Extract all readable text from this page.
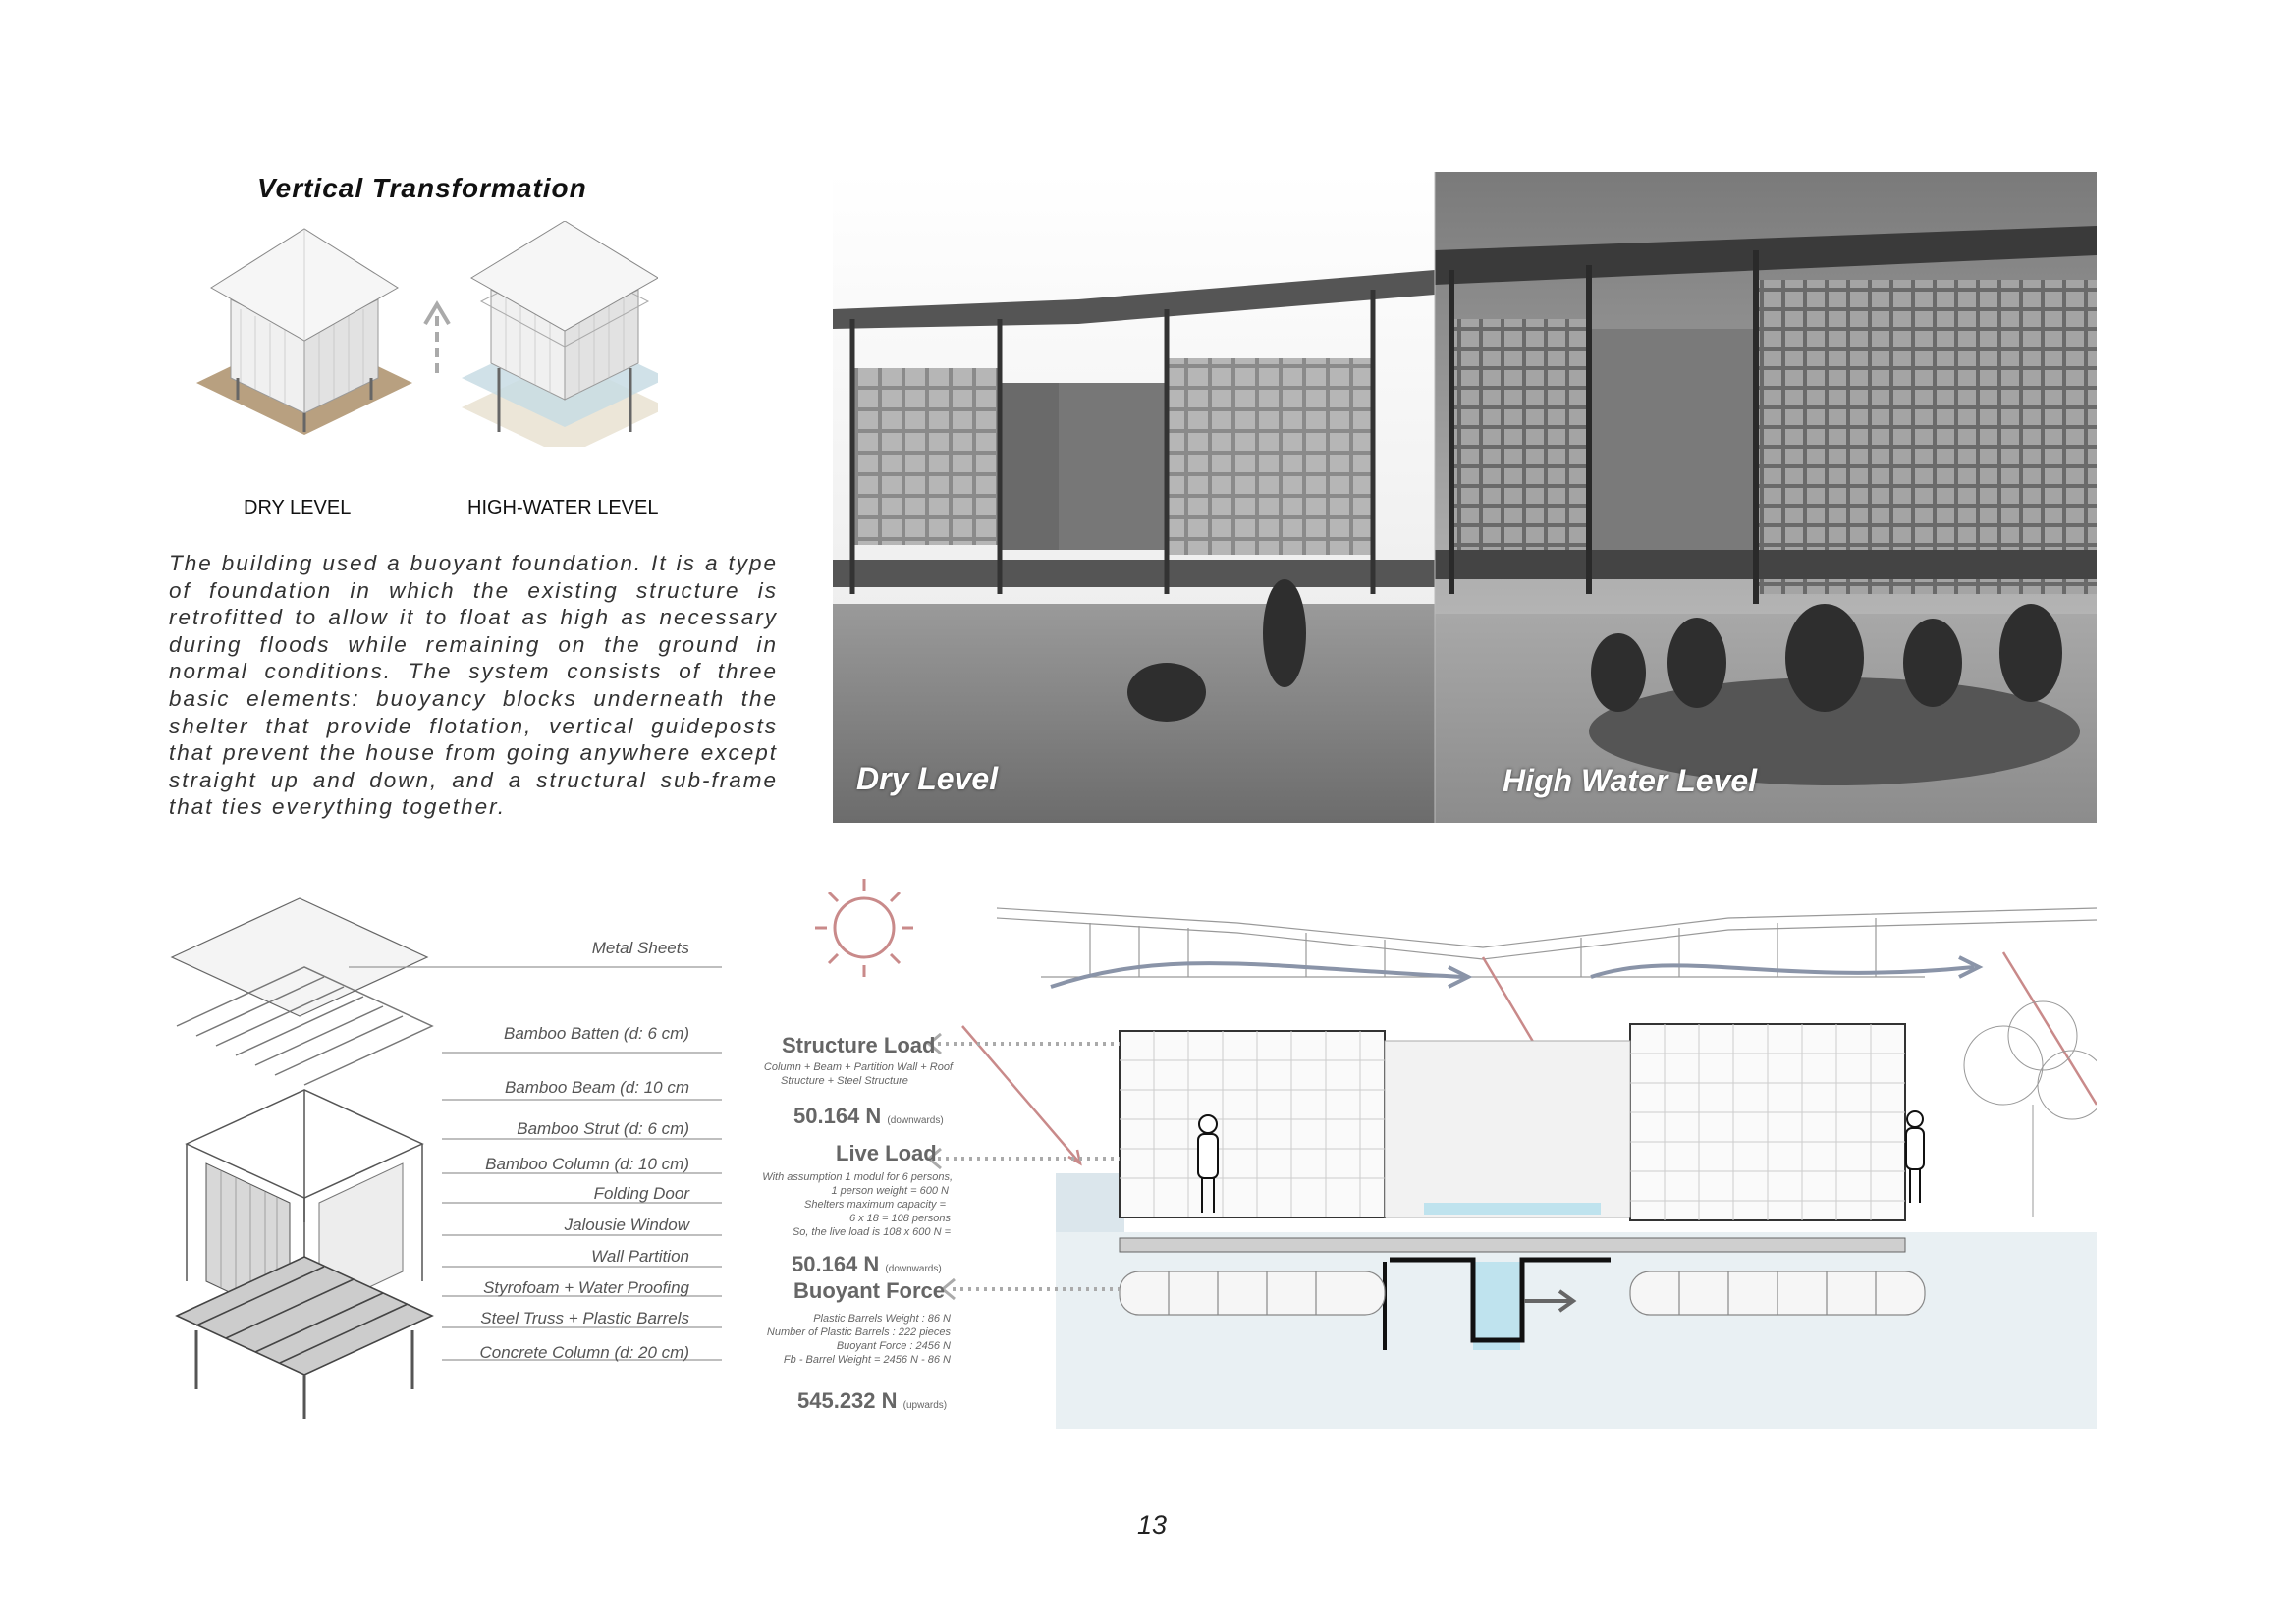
Vertical Transformation
DRY LEVEL	HIGH-WATER LEVEL
The building used a buoyant foundation. It is a type of foundation in which the existing structure is retrofitted to allow it to float as high as necessary during floods while remaining on the ground in normal conditions. The system consists of three basic elements: buoyancy blocks underneath the shelter that provide flotation, vertical guideposts that prevent the house from going anywhere except straight up and down, and a structural sub-frame that ties everything together.
Dry Level	High Water Level
Metal Sheets
Bamboo Batten (d: 6 cm)
Bamboo Beam (d: 10 cm
Bamboo Strut (d: 6 cm)
Bamboo Column (d: 10 cm)
Folding Door
Jalousie Window
Wall Partition
Styrofoam + Water Proofing
Steel Truss + Plastic Barrels
Concrete Column (d: 20 cm)
Structure Load
Column + Beam + Partition Wall + Roof
Structure + Steel Structure
50.164 N (downwards)
Live Load
With assumption 1 modul for 6 persons,
1 person weight = 600 N
Shelters maximum capacity =
6 x 18 = 108 persons
So, the live load is 108 x 600 N =
50.164 N (downwards)
Buoyant Force
Plastic Barrels Weight : 86 N
Number of Plastic Barrels : 222 pieces
Buoyant Force : 2456 N
Fb - Barrel Weight = 2456 N - 86 N
545.232 N (upwards)
13
